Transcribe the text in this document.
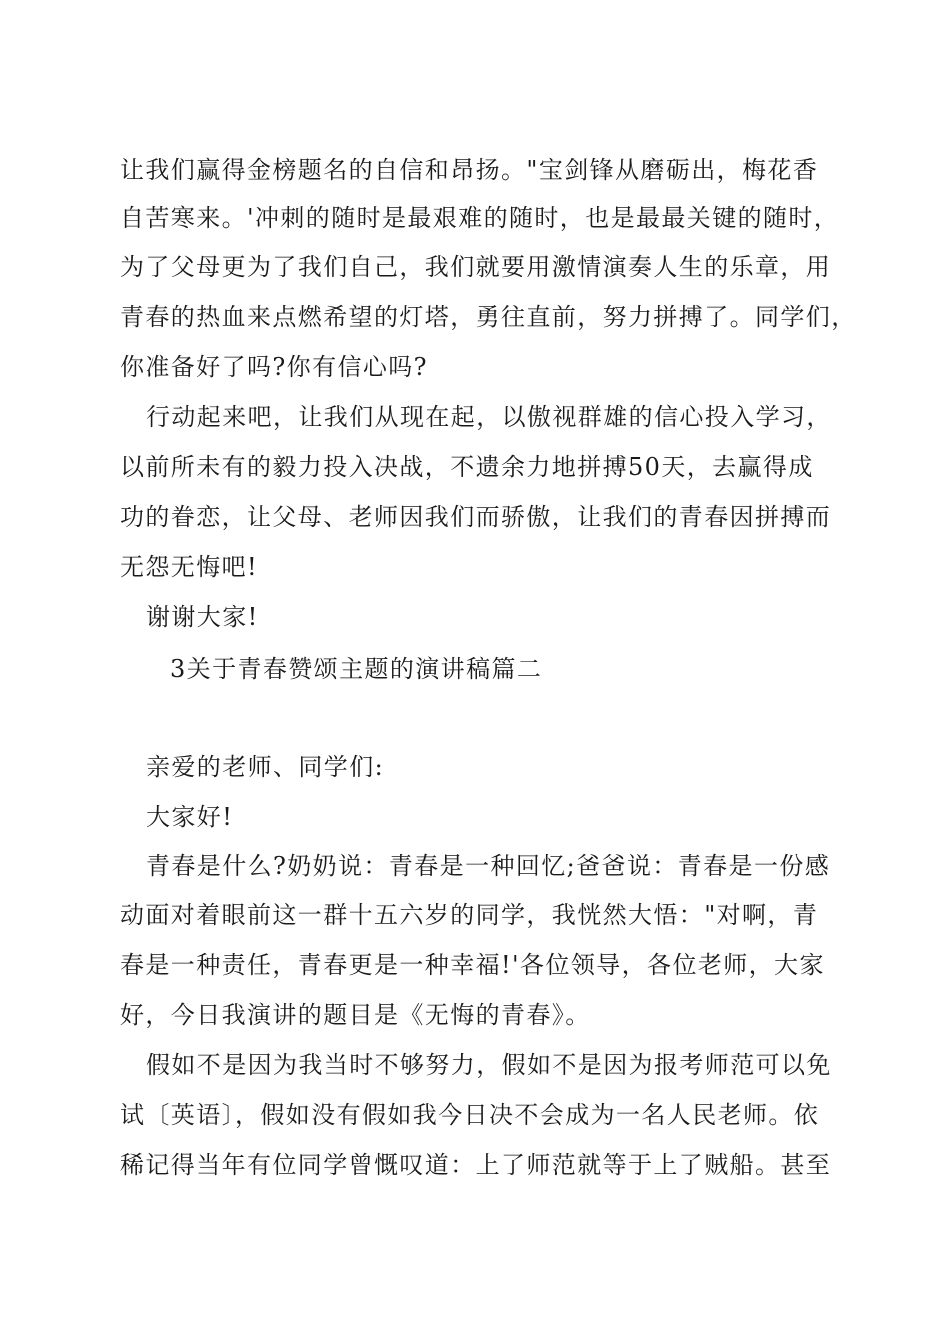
让我们赢得金榜题名的自信和昂扬。"宝剑锋从磨砺出，梅花香

自苦寒来。'冲刺的随时是最艰难的随时，也是最最关键的随时，

为了父母更为了我们自己，我们就要用激情演奏人生的乐章，用

青春的热血来点燃希望的灯塔，勇往直前，努力拼搏了。同学们，

你准备好了吗?你有信心吗?

行动起来吧，让我们从现在起，以傲视群雄的信心投入学习，

以前所未有的毅力投入决战，不遗余力地拼搏50天，去赢得成

功的眷恋，让父母、老师因我们而骄傲，让我们的青春因拼搏而

无怨无悔吧!

谢谢大家!

3关于青春赞颂主题的演讲稿篇二

亲爱的老师、同学们:

大家好!

青春是什么?奶奶说：青春是一种回忆;爸爸说：青春是一份感

动面对着眼前这一群十五六岁的同学，我恍然大悟："对啊，青

春是一种责任，青春更是一种幸福!'各位领导，各位老师，大家

好，今日我演讲的题目是《无悔的青春》。

假如不是因为我当时不够努力，假如不是因为报考师范可以免

试〔英语〕，假如没有假如我今日决不会成为一名人民老师。依

稀记得当年有位同学曾慨叹道：上了师范就等于上了贼船。甚至
